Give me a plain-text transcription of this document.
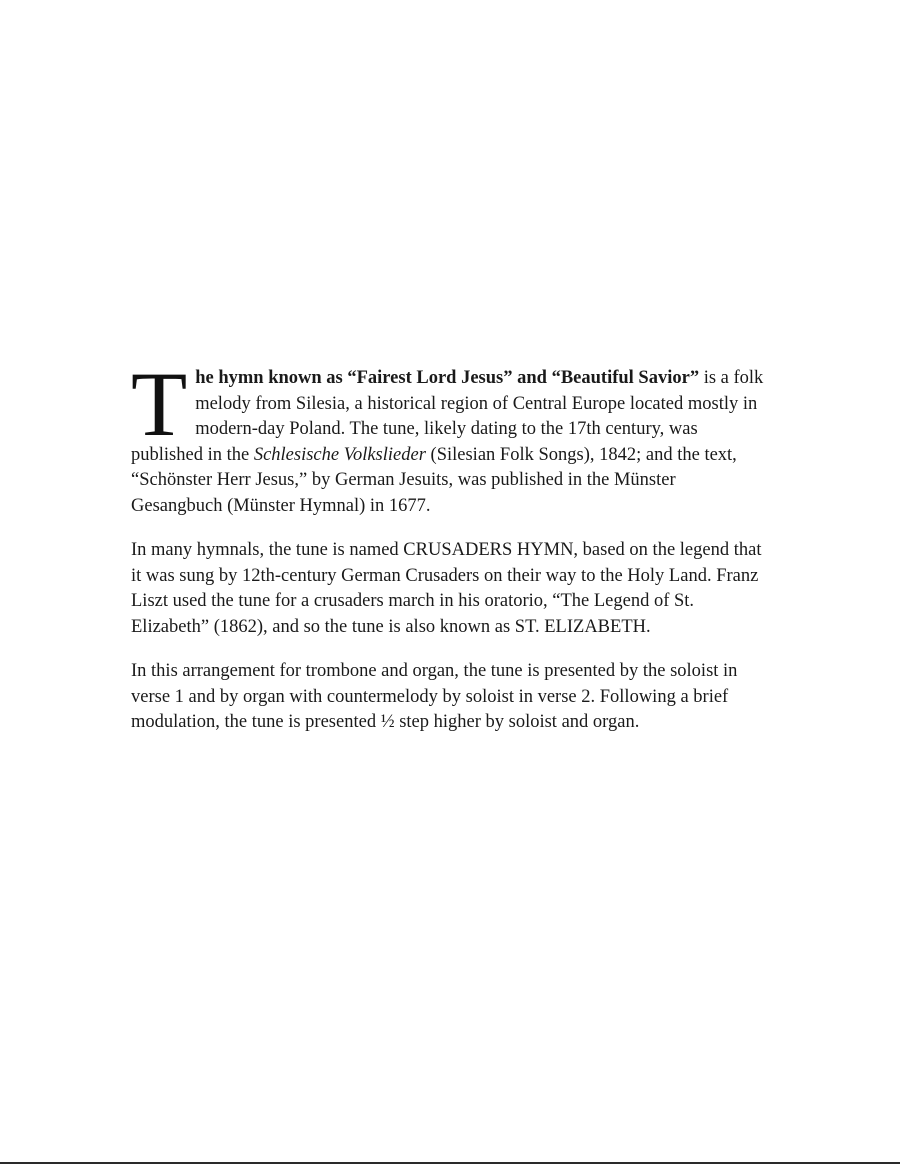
The hymn known as “Fairest Lord Jesus” and “Beautiful Savior” is a folk melody from Silesia, a historical region of Central Europe located mostly in modern-day Poland. The tune, likely dating to the 17th century, was published in the Schlesische Volkslieder (Silesian Folk Songs), 1842; and the text, “Schönster Herr Jesus,” by German Jesuits, was published in the Münster Gesangbuch (Münster Hymnal) in 1677.

In many hymnals, the tune is named CRUSADERS HYMN, based on the legend that it was sung by 12th-century German Crusaders on their way to the Holy Land. Franz Liszt used the tune for a crusaders march in his oratorio, “The Legend of St. Elizabeth” (1862), and so the tune is also known as ST. ELIZABETH.

In this arrangement for trombone and organ, the tune is presented by the soloist in verse 1 and by organ with countermelody by soloist in verse 2. Following a brief modulation, the tune is presented ½ step higher by soloist and organ.
